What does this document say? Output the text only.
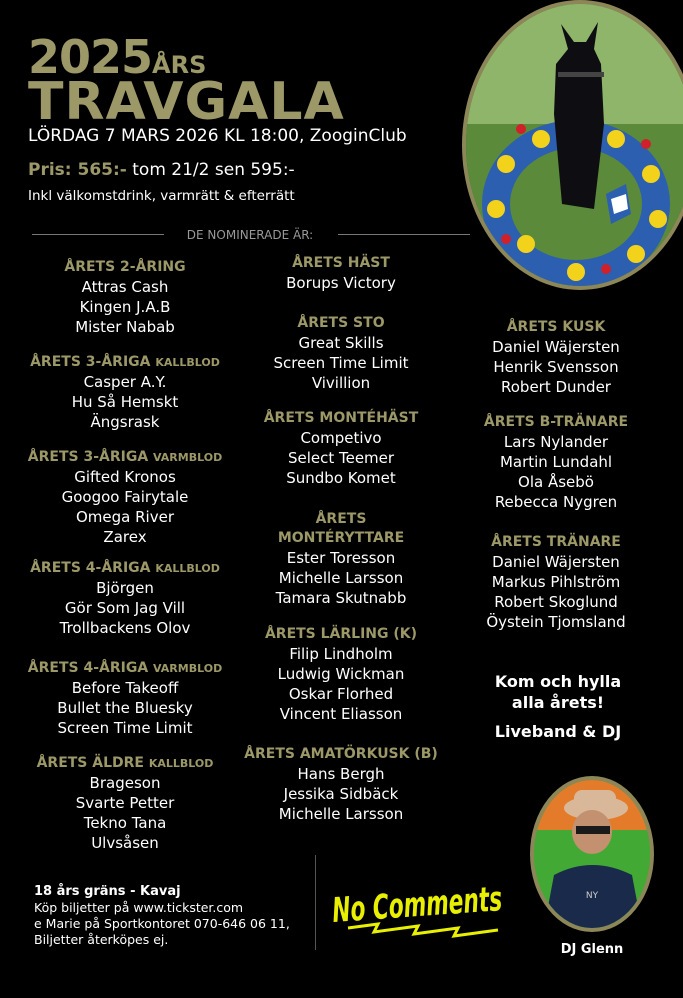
2025ÅRS
TRAVGALA
LÖRDAG 7 MARS 2026 KL 18:00, ZooginClub
Pris: 565:- tom 21/2 sen 595:-
Inkl välkomstdrink, varmrätt & efterrätt
DE NOMINERADE ÄR:
ÅRETS 2-ÅRING
Attras Cash
Kingen J.A.B
Mister Nabab
ÅRETS 3-ÅRIGA KALLBLOD
Casper A.Y.
Hu Så Hemskt
Ängsrask
ÅRETS 3-ÅRIGA VARMBLOD
Gifted Kronos
Googoo Fairytale
Omega River
Zarex
ÅRETS 4-ÅRIGA KALLBLOD
Björgen
Gör Som Jag Vill
Trollbackens Olov
ÅRETS 4-ÅRIGA VARMBLOD
Before Takeoff
Bullet the Bluesky
Screen Time Limit
ÅRETS ÄLDRE KALLBLOD
Brageson
Svarte Petter
Tekno Tana
Ulvsåsen
ÅRETS HÄST
Borups Victory
ÅRETS STO
Great Skills
Screen Time Limit
Vivillion
ÅRETS MONTÉHÄST
Competivo
Select Teemer
Sundbo Komet
ÅRETS MONTÉRYTTARE
Ester Toresson
Michelle Larsson
Tamara Skutnabb
ÅRETS LÄRLING (K)
Filip Lindholm
Ludwig Wickman
Oskar Florhed
Vincent Eliasson
ÅRETS AMATÖRKUSK (B)
Hans Bergh
Jessika Sidbäck
Michelle Larsson
ÅRETS KUSK
Daniel Wäjersten
Henrik Svensson
Robert Dunder
ÅRETS B-TRÄNARE
Lars Nylander
Martin Lundahl
Ola Åsebö
Rebecca Nygren
ÅRETS TRÄNARE
Daniel Wäjersten
Markus Pihlström
Robert Skoglund
Öystein Tjomsland
Kom och hylla
alla årets!
Liveband & DJ
NY
DJ Glenn
No Comments
18 års gräns - Kavaj
Köp biljetter på www.tickster.com
e Marie på Sportkontoret 070-646 06 11,
Biljetter återköpes ej.
